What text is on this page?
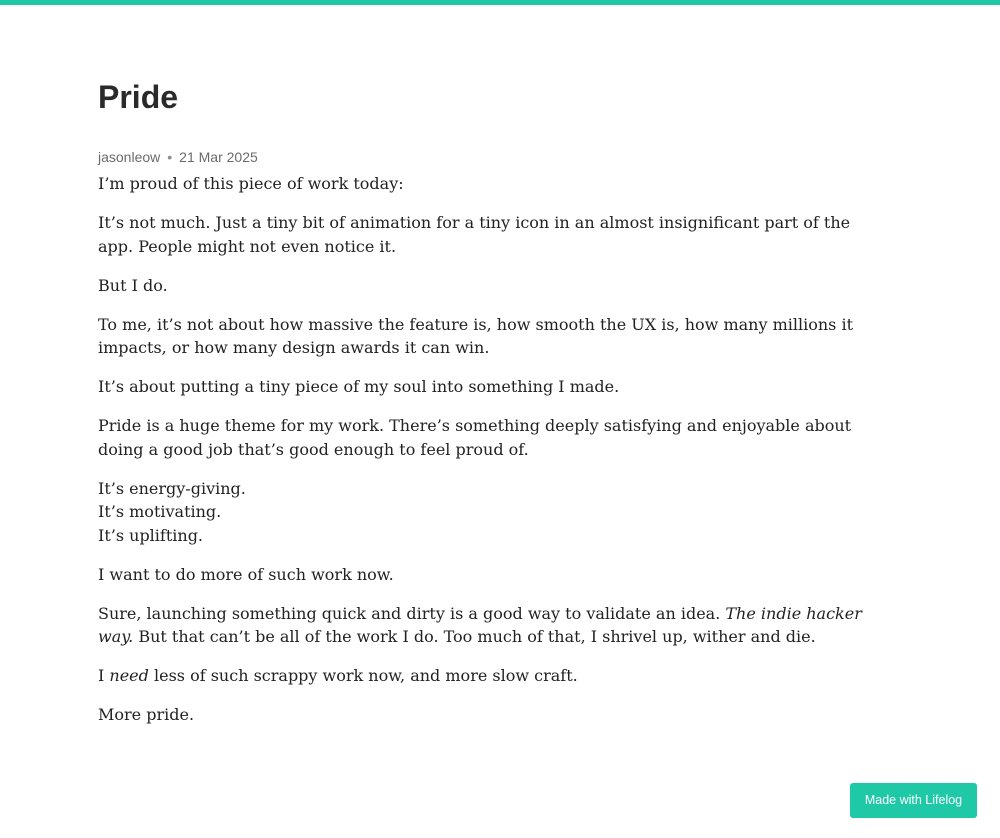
Pride
jasonleow • 21 Mar 2025

I’m proud of this piece of work today:

It’s not much. Just a tiny bit of animation for a tiny icon in an almost insignificant part of the app. People might not even notice it.

But I do.

To me, it’s not about how massive the feature is, how smooth the UX is, how many millions it impacts, or how many design awards it can win.

It’s about putting a tiny piece of my soul into something I made.

Pride is a huge theme for my work. There’s something deeply satisfying and enjoyable about doing a good job that’s good enough to feel proud of.

It’s energy-giving.
It’s motivating.
It’s uplifting.

I want to do more of such work now.

Sure, launching something quick and dirty is a good way to validate an idea. The indie hacker way. But that can’t be all of the work I do. Too much of that, I shrivel up, wither and die.

I need less of such scrappy work now, and more slow craft.

More pride.

Made with Lifelog
